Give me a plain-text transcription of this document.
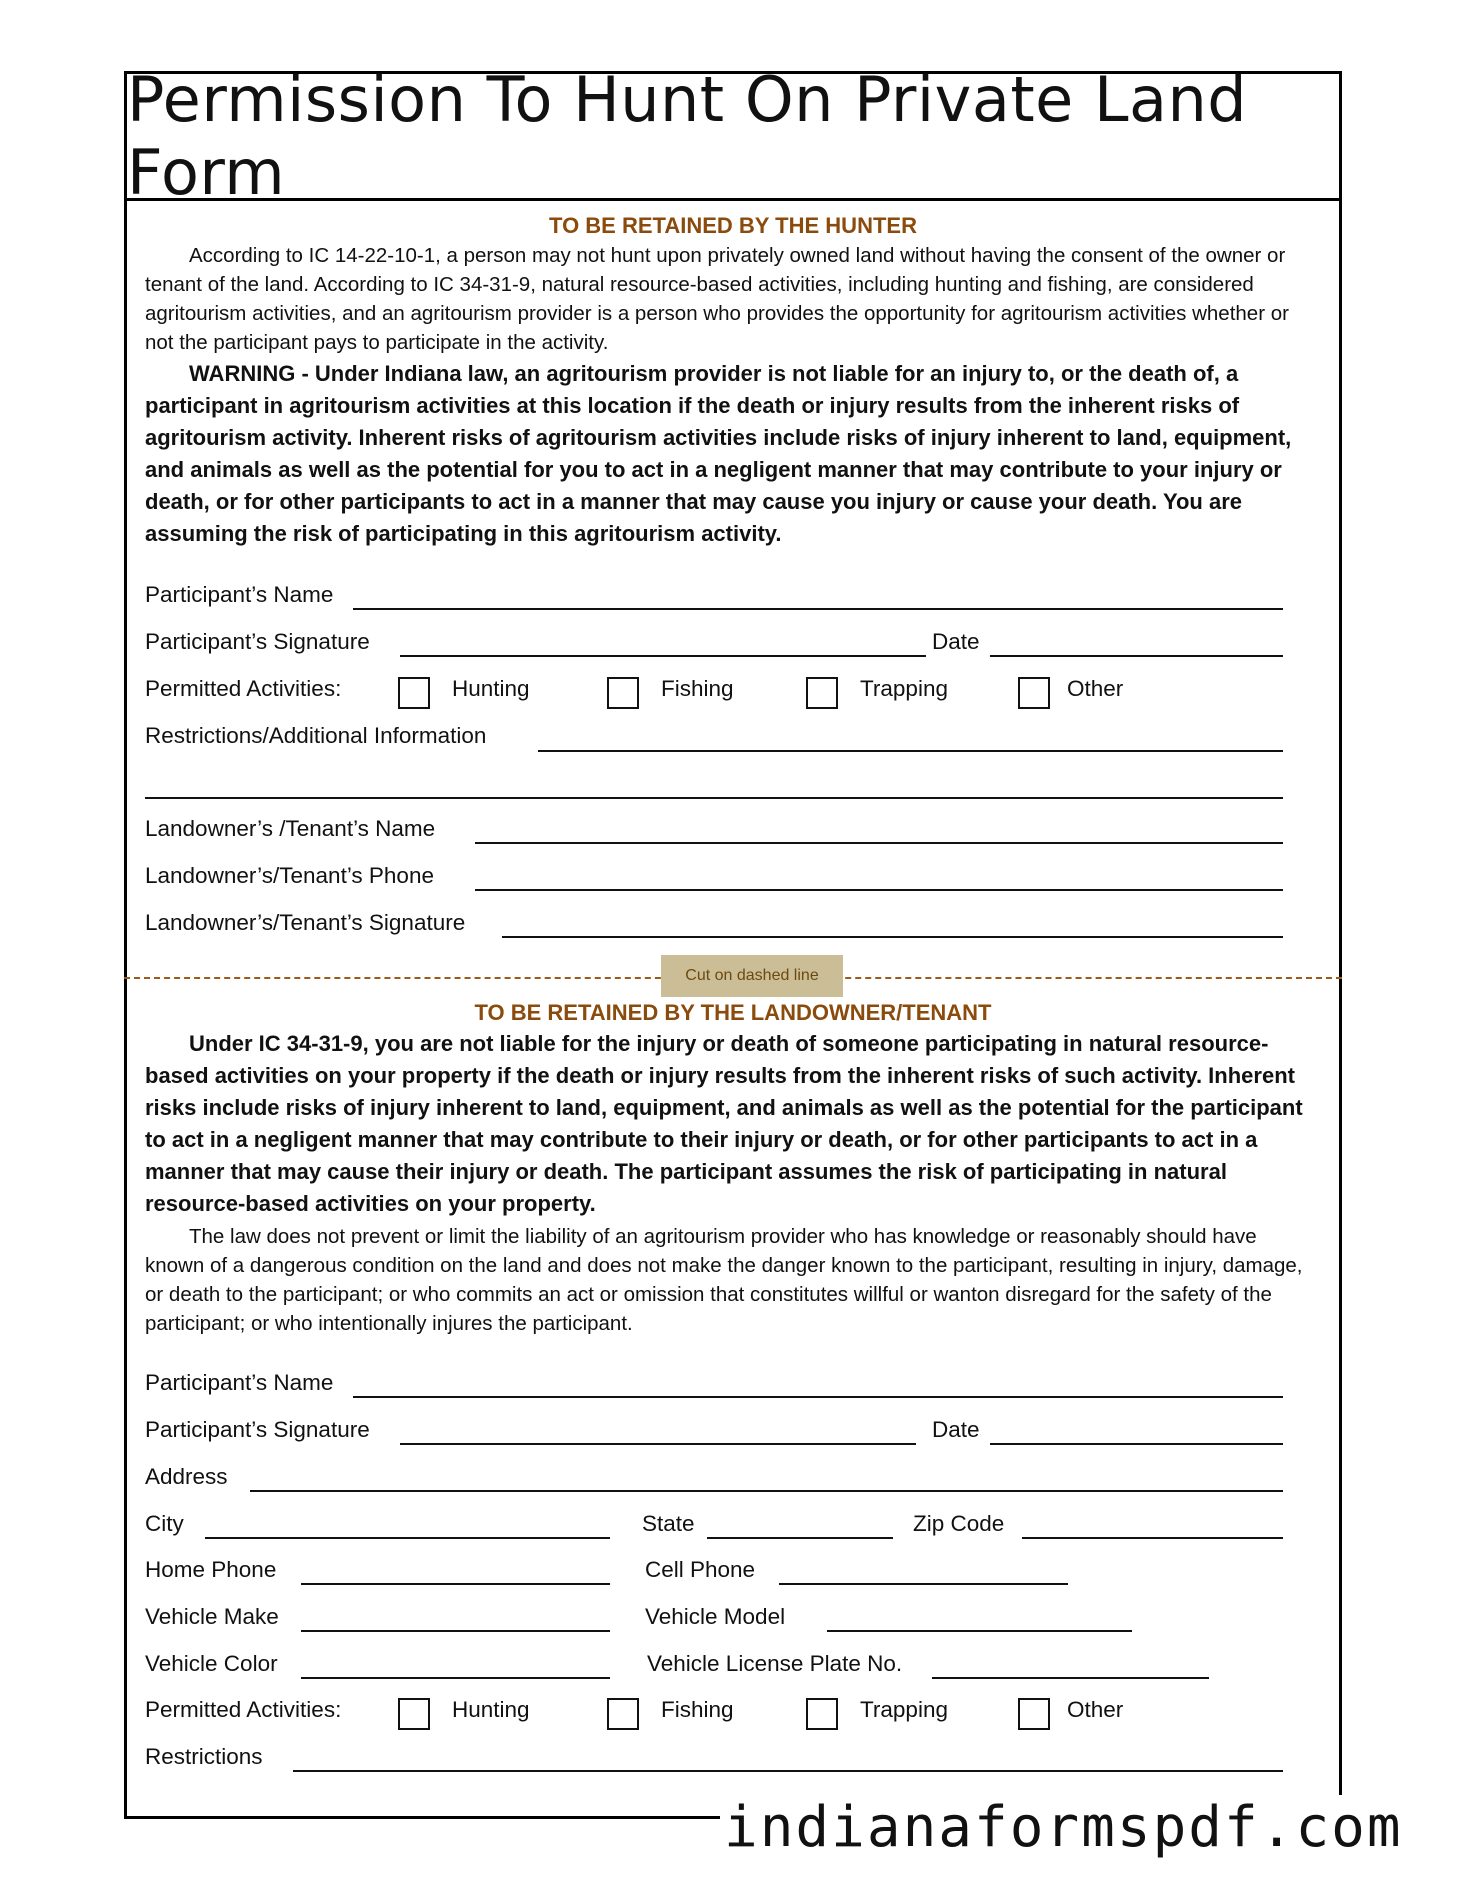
Permission To Hunt On Private Land Form
TO BE RETAINED BY THE HUNTER

According to IC 14-22-10-1, a person may not hunt upon privately owned land without having the consent of the owner or tenant of the land. According to IC 34-31-9, natural resource-based activities, including hunting and fishing, are considered agritourism activities, and an agritourism provider is a person who provides the opportunity for agritourism activities whether or not the participant pays to participate in the activity.

WARNING - Under Indiana law, an agritourism provider is not liable for an injury to, or the death of, a participant in agritourism activities at this location if the death or injury results from the inherent risks of agritourism activity. Inherent risks of agritourism activities include risks of injury inherent to land, equipment, and animals as well as the potential for you to act in a negligent manner that may contribute to your injury or death, or for other participants to act in a manner that may cause you injury or cause your death. You are assuming the risk of participating in this agritourism activity.

Participant’s Name
Participant’s Signature	Date
Permitted Activities:	Hunting	Fishing	Trapping	Other
Restrictions/Additional Information
Landowner’s /Tenant’s Name
Landowner’s/Tenant’s Phone
Landowner’s/Tenant’s Signature
Cut on dashed line
TO BE RETAINED BY THE LANDOWNER/TENANT

Under IC 34-31-9, you are not liable for the injury or death of someone participating in natural resource-based activities on your property if the death or injury results from the inherent risks of such activity. Inherent risks include risks of injury inherent to land, equipment, and animals as well as the potential for the participant to act in a negligent manner that may contribute to their injury or death, or for other participants to act in a manner that may cause their injury or death. The participant assumes the risk of participating in natural resource-based activities on your property.

The law does not prevent or limit the liability of an agritourism provider who has knowledge or reasonably should have known of a dangerous condition on the land and does not make the danger known to the participant, resulting in injury, damage, or death to the participant; or who commits an act or omission that constitutes willful or wanton disregard for the safety of the participant; or who intentionally injures the participant.

Participant’s Name
Participant’s Signature	Date
Address
City	State	Zip Code
Home Phone	Cell Phone
Vehicle Make	Vehicle Model
Vehicle Color	Vehicle License Plate No.
Permitted Activities:	Hunting	Fishing	Trapping	Other
Restrictions
indianaformspdf.com
